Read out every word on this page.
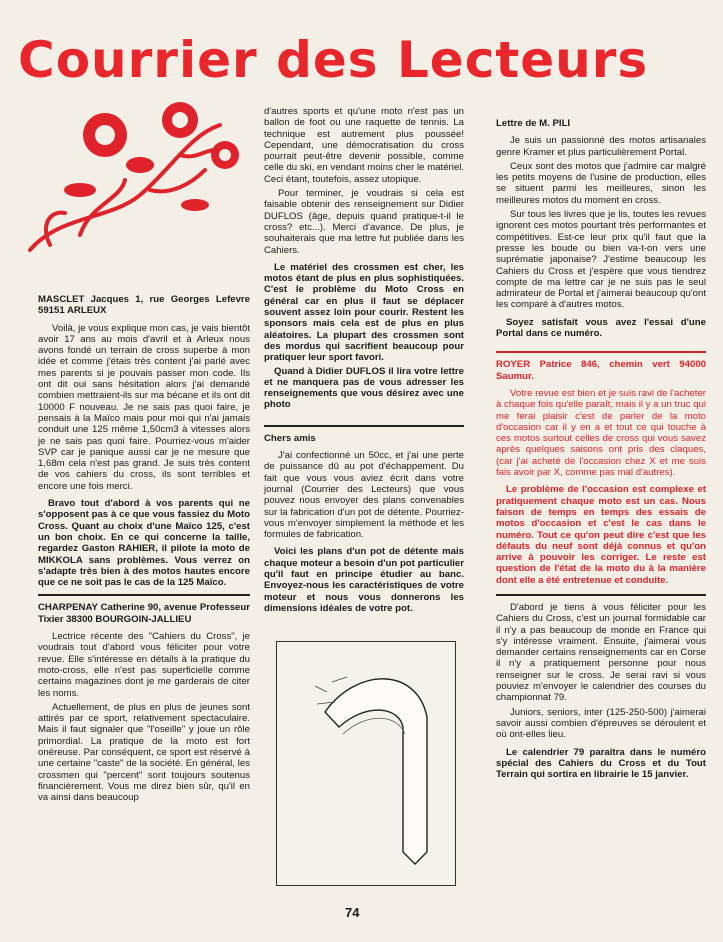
Courrier des Lecteurs

MASCLET Jacques 1, rue Georges Lefevre 59151 ARLEUX

Voilà, je vous explique mon cas, je vais bientôt avoir 17 ans au mois d'avril et à Arleux nous avons fondé un terrain de cross superbe à mon idée et comme j'étais très content j'ai parlé avec mes parents si je pouvais passer mon code. Ils ont dit oui sans hésitation alors j'ai demandé combien mettraient-ils sur ma bécane et ils ont dit 10000 F nouveau. Je ne sais pas quoi faire, je pensais à la Maïco mais pour moi qui n'ai jamais conduit une 125 même 1,50cm3 à vitesses alors je ne sais pas quoi faire. Pourriez-vous m'aider SVP car je panique aussi car je ne mesure que 1,68m cela n'est pas grand. Je suis très content de vos cahiers du cross, ils sont terribles et encore une fois merci.

Bravo tout d'abord à vos parents qui ne s'opposent pas à ce que vous fassiez du Moto Cross. Quant au choix d'une Maïco 125, c'est un bon choix. En ce qui concerne la taille, regardez Gaston RAHIER, il pilote la moto de MIKKOLA sans problèmes. Vous verrez on s'adapte très bien à des motos hautes encore que ce ne soit pas le cas de la 125 Maïco.

CHARPENAY Catherine 90, avenue Professeur Tixier 38300 BOURGOIN-JALLIEU

Lectrice récente des "Cahiers du Cross", je voudrais tout d'abord vous féliciter pour votre revue. Elle s'intéresse en détails à la pratique du moto-cross, elle n'est pas superficielle comme certains magazines dont je me garderais de citer les noms.

Actuellement, de plus en plus de jeunes sont attirés par ce sport, relativement spectaculaire. Mais il faut signaler que "l'oseille" y joue un rôle primordial. La pratique de la moto est fort onéreuse. Par conséquent, ce sport est réservé à une certaine "caste" de la société. En général, les crossmen qui "percent" sont toujours soutenus financièrement. Vous me direz bien sûr, qu'il en va ainsi dans beaucoup

d'autres sports et qu'une moto n'est pas un ballon de foot ou une raquette de tennis. La technique est autrement plus poussée! Cependant, une démocratisation du cross pourrait peut-être devenir possible, comme celle du ski, en vendant moins cher le matériel. Ceci étant, toutefois, assez utopique.

Pour terminer, je voudrais si cela est faisable obtenir des renseignement sur Didier DUFLOS (âge, depuis quand pratique-t-il le cross? etc...). Merci d'avance. De plus, je souhaiterais que ma lettre fut publiée dans les Cahiers.

Le matériel des crossmen est cher, les motos étant de plus en plus sophistiquées. C'est le problème du Moto Cross en général car en plus il faut se déplacer souvent assez loin pour courir. Restent les sponsors mais cela est de plus en plus aléatoires. La plupart des crossmen sont des mordus qui sacrifient beaucoup pour pratiquer leur sport favori.

Quand à Didier DUFLOS il lira votre lettre et ne manquera pas de vous adresser les renseignements que vous désirez avec une photo

Chers amis

J'ai confectionné un 50cc, et j'ai une perte de puissance dû au pot d'échappement. Du fait que vous vous aviez écrit dans votre journal (Courrier des Lecteurs) que vous pouvez nous envoyer des plans convenables sur la fabrication d'un pot de détente. Pourriez-vous m'envoyer simplement la méthode et les formules de fabrication.

Voici les plans d'un pot de détente mais chaque moteur a besoin d'un pot particulier qu'il faut en principe étudier au banc. Envoyez-nous les caractéristiques de votre moteur et nous vous donnerons les dimensions idéales de votre pot.

Lettre de M. PILI

Je suis un passionné des motos artisanales genre Kramer et plus particulièrement Portal.

Ceux sont des motos que j'admire car malgré les petits moyens de l'usine de production, elles se situent parmi les meilleures, sinon les meilleures motos du moment en cross.

Sur tous les livres que je lis, toutes les revues ignorent ces motos pourtant très performantes et compétitives. Est-ce leur prix qu'il faut que la presse les boude ou bien va-t-on vers une suprématie japonaise? J'estime beaucoup les Cahiers du Cross et j'espère que vous tiendrez compte de ma lettre car je ne suis pas le seul admirateur de Portal et j'aimerai beaucoup qu'ont les comparé à d'autres motos.

Soyez satisfait vous avez l'essai d'une Portal dans ce numéro.

ROYER Patrice 846, chemin vert 94000 Saumur.

Votre revue est bien et je suis ravi de l'acheter à chaque fois qu'elle paraît, mais il y a un truc qui me ferai plaisir c'est de parler de la moto d'occasion car il y en a et tout ce qui touche à ces motos surtout celles de cross qui vous savez après quelques saisons ont pris des claques, (car j'ai acheté de l'occasion chez X et me suis fais avoir par X, comme pas mal d'autres).

Le problème de l'occasion est complexe et pratiquement chaque moto est un cas. Nous faison de temps en temps des essais de motos d'occasion et c'est le cas dans le numéro. Tout ce qu'on peut dire c'est que les défauts du neuf sont déjà connus et qu'on arrive à pouvoir les corriger. Le reste est question de l'état de la moto du à la manière dont elle a été entretenue et conduite.

D'abord je tiens à vous féliciter pour les Cahiers du Cross, c'est un journal formidable car il n'y a pas beaucoup de monde en France qui s'y intéresse vraiment. Ensuite, j'aimerai vous demander certains renseignements car en Corse il n'y a pratiquement personne pour nous renseigner sur le cross. Je serai ravi si vous pouviez m'envoyer le calendrier des courses du championnat 79.

Juniors, seniors, inter (125-250-500) j'aimerai savoir aussi combien d'épreuves se déroulent et où ont-elles lieu.

Le calendrier 79 paraîtra dans le numéro spécial des Cahiers du Cross et du Tout Terrain qui sortira en librairie le 15 janvier.

74
